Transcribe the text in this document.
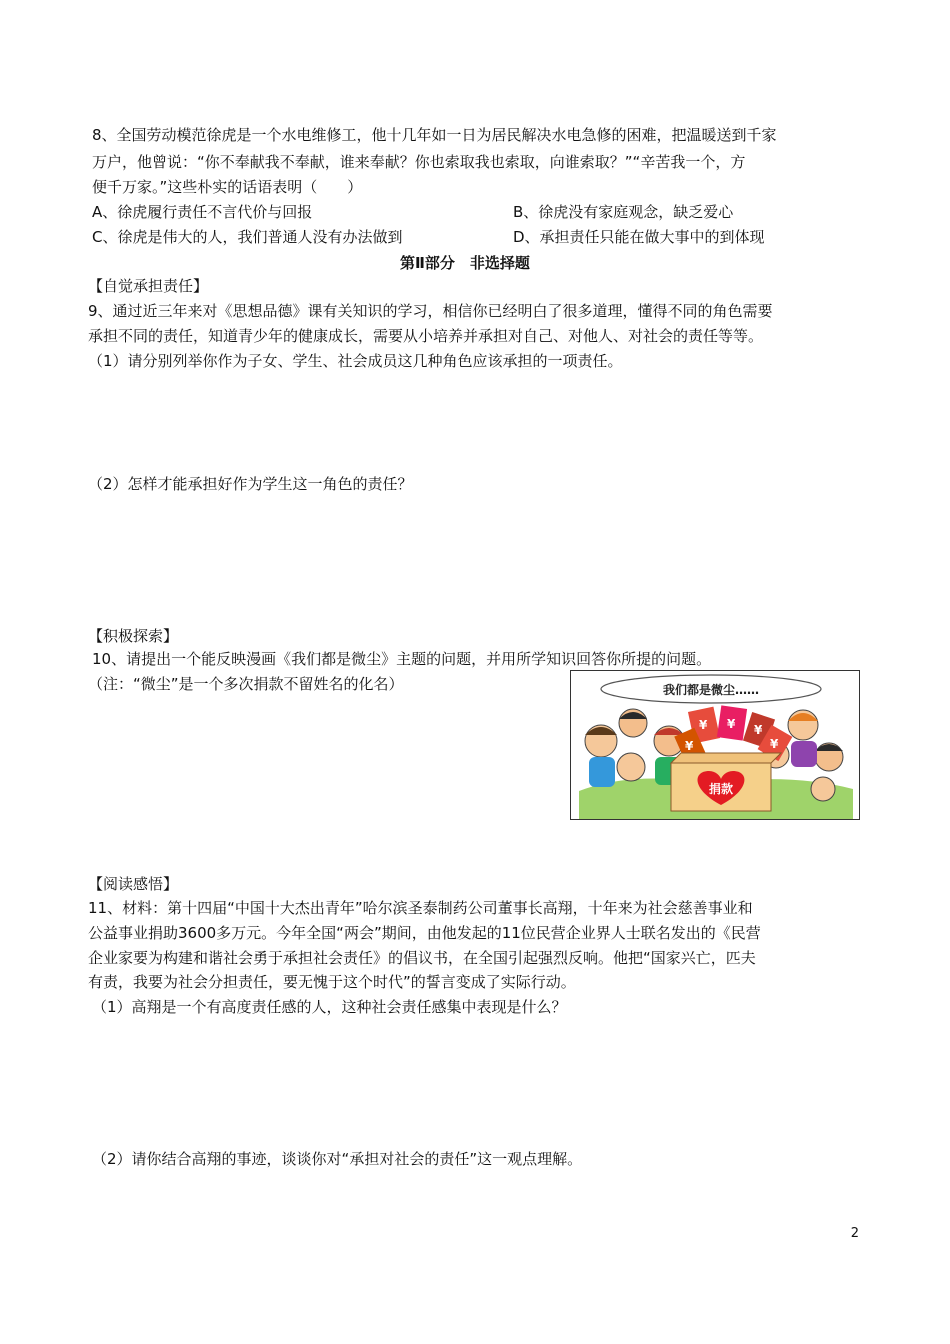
8、全国劳动模范徐虎是一个水电维修工，他十几年如一日为居民解决水电急修的困难，把温暖送到千家
万户，他曾说：“你不奉献我不奉献，谁来奉献？你也索取我也索取，向谁索取？”“辛苦我一个，方
便千万家。”这些朴实的话语表明（　　）
A、徐虎履行责任不言代价与回报	B、徐虎没有家庭观念，缺乏爱心
C、徐虎是伟大的人，我们普通人没有办法做到	D、承担责任只能在做大事中的到体现
第Ⅱ部分　非选择题
【自觉承担责任】
9、通过近三年来对《思想品德》课有关知识的学习，相信你已经明白了很多道理，懂得不同的角色需要
承担不同的责任，知道青少年的健康成长，需要从小培养并承担对自己、对他人、对社会的责任等等。
（1）请分别列举你作为子女、学生、社会成员这几种角色应该承担的一项责任。
（2）怎样才能承担好作为学生这一角色的责任？
【积极探索】
10、请提出一个能反映漫画《我们都是微尘》主题的问题，并用所学知识回答你所提的问题。
（注：“微尘”是一个多次捐款不留姓名的化名）	我们都是微尘……
¥ ¥ ¥
¥	¥
捐款
【阅读感悟】
11、材料：第十四届“中国十大杰出青年”哈尔滨圣泰制药公司董事长高翔，十年来为社会慈善事业和
公益事业捐助3600多万元。今年全国“两会”期间，由他发起的11位民营企业界人士联名发出的《民营
企业家要为构建和谐社会勇于承担社会责任》的倡议书，在全国引起强烈反响。他把“国家兴亡，匹夫
有责，我要为社会分担责任，要无愧于这个时代”的誓言变成了实际行动。
（1）高翔是一个有高度责任感的人，这种社会责任感集中表现是什么？
（2）请你结合高翔的事迹，谈谈你对“承担对社会的责任”这一观点理解。
2
